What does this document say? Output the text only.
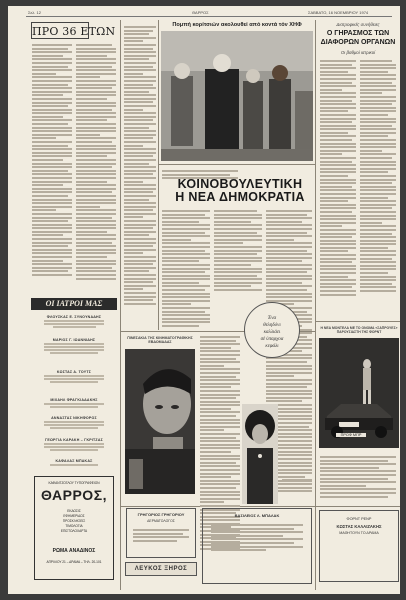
Σελ. 12	ΘΑΡΡΟΣ	ΣΑΒΒΑΤΟ, 16 ΝΟΕΜΒΡΙΟΥ 1974
ΠΡΟ 36 ΕΤΩΝ
ΟΙ ΙΑΤΡΟΙ ΜΑΣ
ΦΛΟΥΣΚΑΣ Ε. ΣΥΝΟΥΝΑΔΗΣ
ΜΑΡΙΟΣ Γ. ΙΩΑΝΝΙΔΗΣ
ΚΩΣΤΑΣ Α. ΤΟΥΤΣ
ΜΙΧΑΗΛ ΦΡΑΓΚΙΑΔΑΚΗΣ
ΑΝΝΑΣΤΑΣ ΝΙΚΗΦΟΡΟΣ
ΓΕΩΡΓΙΑ ΚΑΡΑΚΗ – ΓΚΡΙΤΖΑΣ
ΚΑΦΑΛΑΣ ΜΠΑΚΑΣ
ΚΑΦΑΝΤΖΟΓΛΟΥ ΤΥΠΟΓΡΑΦΕΙΟΝ
ΘΑΡΡΟΣ,
ΕΚΔΟΣΙΣ
ΕΦΗΜΕΡΙΔΟΣ
ΠΡΟΣΚΛΗΣΕΙΣ
ΤΙΜΟΛΟΓΙΑ
ΕΠΙΣΤΟΛΟΧΑΡΤΑ
ΡΩΜΑ ΑΝΑΔΙΝΟΣ
ΑΠΡΙΛΙΟΥ 21 – ΔΡΑΜΑ – ΤΗΛ. 20-101
Πομπή κορίτσιών ακολουθεί από κοντά τόν ΧΗΦ
ΚΟΙΝΟΒΟΥΛΕΥΤΙΚΗ
Η ΝΕΑ ΔΗΜΟΚΡΑΤΙΑ
Ένα
θεληδόνι
καλλιάει
σέ ύπαρχοα
κεφάλι
ΠΙΝΕΣΑΚΙΑ ΤΗΣ ΚΙΝΗΜΑΤΟΓΡΑΦΙΚΗΣ ΕΒΔΟΜΑΔΑΣ
ΓΡΗΓΟΡΙΟΣ ΓΡΗΓΟΡΙΟΥ
ΔΕΡΜΑΤΟΛΟΓΟΣ
ΛΕΥΚΟΣ ΞΗΡΟΣ
ΒΑΣΙΛΕΙΟΣ Λ. ΜΠΑΛΑΚ
Διατροφικές συνήθειες
Ο ΓΗΡΑΣΜΟΣ ΤΩΝ ΔΙΑΦΟΡΩΝ ΟΡΓΑΝΩΝ
Οι βαθμοί ιατρικοί
Η ΝΕΑ ΜΟΝΤΕΛΑ ΜΕ ΤΟ ΟΝΟΜΑ «ΣΑΠΡΟΥΕΣ» ΠΑΡΟΥΣΙΑΣΤΗ ΤΗΣ ΦΟΡΝΤ
ΠΡΟΦ ΜΠΡ
ΦΟΡΝΤ ΡΕΝΡ
ΚΩΣΤΑΣ ΚΑΛΑΙΖΑΚΗΣ
ΜΑΘΗΤΟΥΝ ΤΟ ΔΡΑΜΑ
